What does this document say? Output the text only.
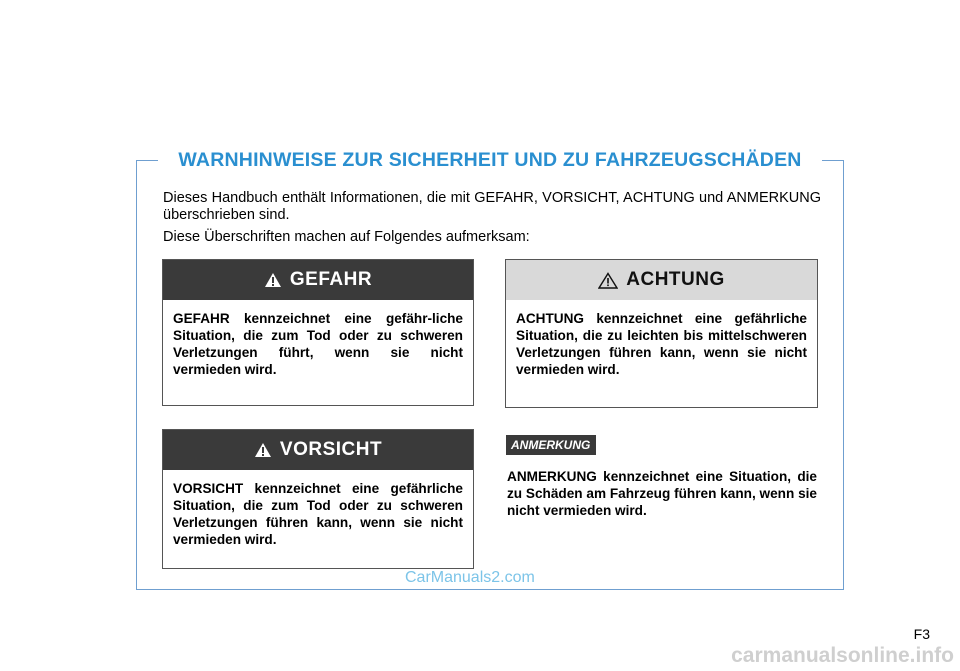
WARNHINWEISE ZUR SICHERHEIT UND ZU FAHRZEUGSCHÄDEN

Dieses Handbuch enthält Informationen, die mit GEFAHR, VORSICHT, ACHTUNG und ANMERKUNG überschrieben sind.

Diese Überschriften machen auf Folgendes aufmerksam:

GEFAHR
GEFAHR kennzeichnet eine gefähr-liche Situation, die zum Tod oder zu schweren Verletzungen führt, wenn sie nicht vermieden wird.
ACHTUNG
ACHTUNG kennzeichnet eine gefährliche Situation, die zu leichten bis mittelschweren Verletzungen führen kann, wenn sie nicht vermieden wird.
VORSICHT
VORSICHT kennzeichnet eine gefährliche Situation, die zum Tod oder zu schweren Verletzungen führen kann, wenn sie nicht vermieden wird.
ANMERKUNG
ANMERKUNG kennzeichnet eine Situation, die zu Schäden am Fahrzeug führen kann, wenn sie nicht vermieden wird.
CarManuals2.com
F3
carmanualsonline.info
